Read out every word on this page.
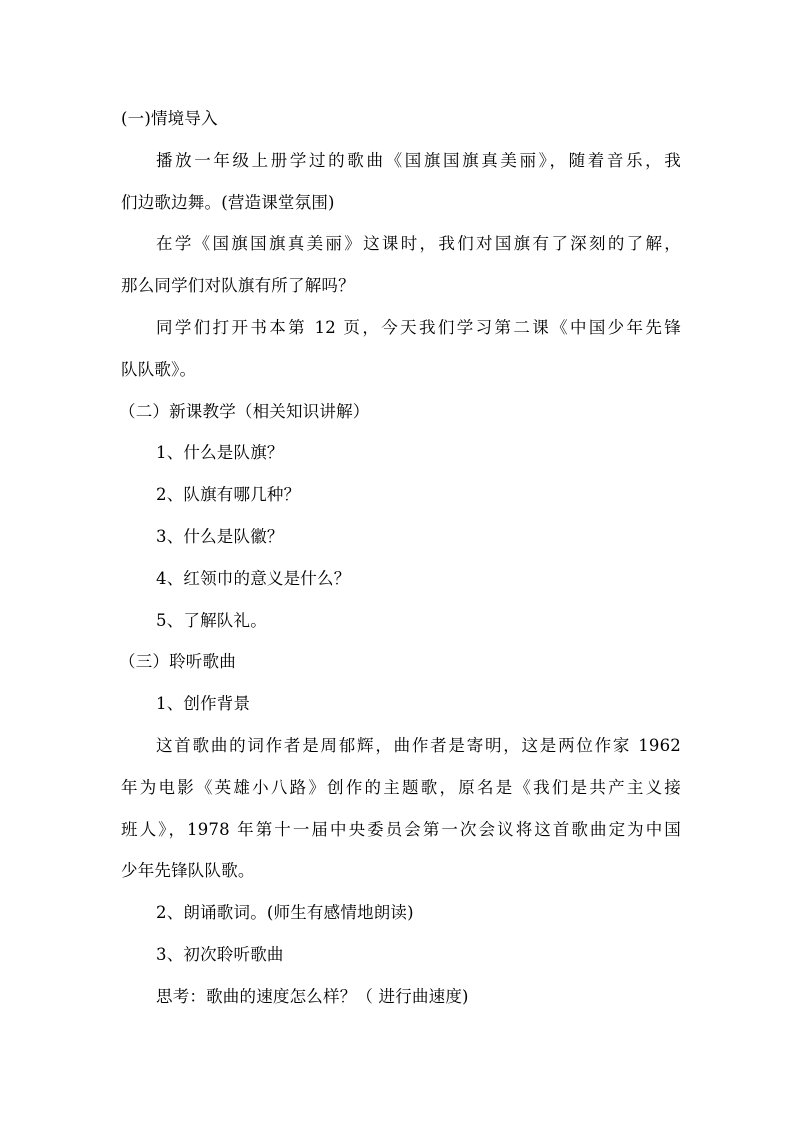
(一)情境导入
播放一年级上册学过的歌曲《国旗国旗真美丽》，随着音乐，我
们边歌边舞。(营造课堂氛围)
在学《国旗国旗真美丽》这课时，我们对国旗有了深刻的了解，
那么同学们对队旗有所了解吗？
同学们打开书本第 12 页，今天我们学习第二课《中国少年先锋
队队歌》。
（二）新课教学（相关知识讲解）
1、什么是队旗？
2、队旗有哪几种？
3、什么是队徽？
4、红领巾的意义是什么？
5、了解队礼。
（三）聆听歌曲
1、创作背景
这首歌曲的词作者是周郁辉，曲作者是寄明，这是两位作家 1962
年为电影《英雄小八路》创作的主题歌，原名是《我们是共产主义接
班人》，1978 年第十一届中央委员会第一次会议将这首歌曲定为中国
少年先锋队队歌。
2、朗诵歌词。(师生有感情地朗读)
3、初次聆听歌曲
思考：歌曲的速度怎么样？（ 进行曲速度)
